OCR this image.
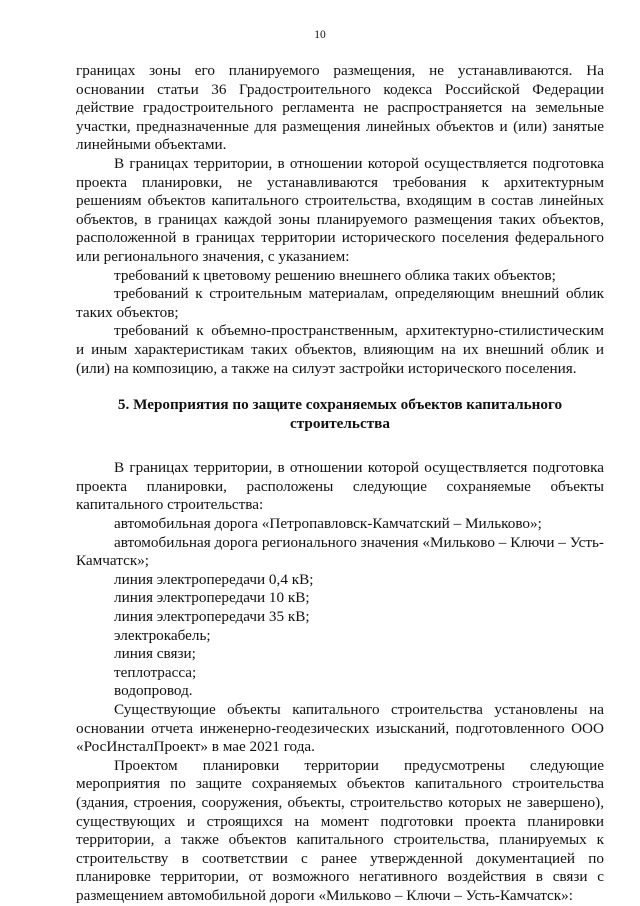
10

границах зоны его планируемого размещения, не устанавливаются. На основании статьи 36 Градостроительного кодекса Российской Федерации действие градостроительного регламента не распространяется на земельные участки, предназначенные для размещения линейных объектов и (или) занятые линейными объектами.

В границах территории, в отношении которой осуществляется подготовка проекта планировки, не устанавливаются требования к архитектурным решениям объектов капитального строительства, входящим в состав линейных объектов, в границах каждой зоны планируемого размещения таких объектов, расположенной в границах территории исторического поселения федерального или регионального значения, с указанием:

требований к цветовому решению внешнего облика таких объектов;

требований к строительным материалам, определяющим внешний облик таких объектов;

требований к объемно-пространственным, архитектурно-стилистическим и иным характеристикам таких объектов, влияющим на их внешний облик и (или) на композицию, а также на силуэт застройки исторического поселения.

5. Мероприятия по защите сохраняемых объектов капитального строительства

В границах территории, в отношении которой осуществляется подготовка проекта планировки, расположены следующие сохраняемые объекты капитального строительства:

автомобильная дорога «Петропавловск-Камчатский – Мильково»;

автомобильная дорога регионального значения «Мильково – Ключи – Усть-Камчатск»;

линия электропередачи 0,4 кВ;

линия электропередачи 10 кВ;

линия электропередачи 35 кВ;

электрокабель;

линия связи;

теплотрасса;

водопровод.

Существующие объекты капитального строительства установлены на основании отчета инженерно-геодезических изысканий, подготовленного ООО «РосИнсталПроект» в мае 2021 года.

Проектом планировки территории предусмотрены следующие мероприятия по защите сохраняемых объектов капитального строительства (здания, строения, сооружения, объекты, строительство которых не завершено), существующих и строящихся на момент подготовки проекта планировки территории, а также объектов капитального строительства, планируемых к строительству в соответствии с ранее утвержденной документацией по планировке территории, от возможного негативного воздействия в связи с размещением автомобильной дороги «Мильково – Ключи – Усть-Камчатск»:
